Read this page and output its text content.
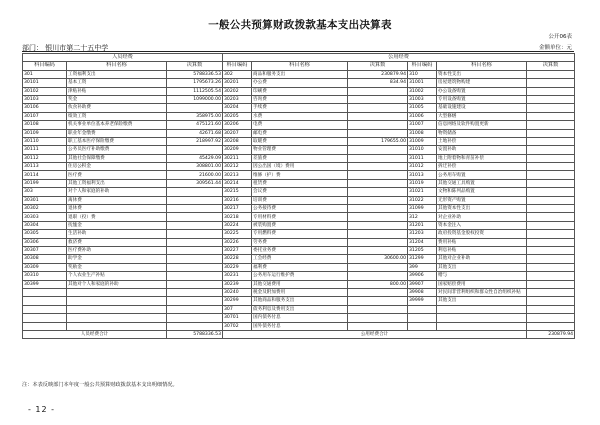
一般公共预算财政拨款基本支出决算表
公开06表
部门： 银川市第二十五中学	金额单位：元
人员经费			公用经费					
科目编码	科目名称	决算数	科目编码	科目名称	决算数	科目编码	科目名称	决算数
301	工资福利支出	5788336.53	302	商品和服务支出	230879.94	310	资本性支出	
30101	基本工资	1795673.26	30201	办公费	834.94	31001	房屋建筑物购建	
30102	津贴补贴	1112505.54	30202	印刷费		31002	办公设备购置	
30103	奖金	1099000.00	30203	咨询费		31003	专用设备购置	
30106	伙食补助费		30204	手续费		31005	基础设施建设	
30107	绩效工资	358975.00	30205	水费		31006	大型修缮	
30108	机关事业单位基本养老保险缴费	475121.60	30206	电费		31007	信息网络及软件购置更新	
30109	职业年金缴费	42671.68	30207	邮电费		31008	物资储备	
30110	职工基本医疗保险缴费	218997.92	30208	取暖费	179655.00	31009	土地补偿	
30111	公务员医疗补助缴费		30209	物业管理费		31010	安置补助	
30112	其他社会保障缴费	45429.09	30211	差旅费		31011	地上附着物和青苗补偿	
30113	住房公积金	308801.00	30212	因公出国（境）费用		31012	拆迁补偿	
30114	医疗费	21600.00	30213	维修（护）费		31013	公务用车购置	
30199	其他工资福利支出	309561.44	30214	租赁费		31019	其他交通工具购置	
303	对个人和家庭的补助		30215	会议费		31021	文物和陈列品购置	
30301	离休费		30216	培训费		31022	无形资产购置	
30302	退休费		30217	公务接待费		31099	其他资本性支出	
30303	退职（役）费		30218	专用材料费		312	对企业补助	
30304	抚恤金		30224	被装购置费		31201	资本金注入	
30305	生活补助		30225	专用燃料费		31203	政府投资基金股权投资	
30306	救济费		30226	劳务费		31204	费用补贴	
30307	医疗费补助		30227	委托业务费		31205	利息补贴	
30308	助学金		30228	工会经费	30600.00	31299	其他对企业补助	
30309	奖励金		30229	福利费		399	其他支出	
30310	个人农业生产补贴		30231	公务用车运行维护费		39906	赠与	
30399	其他对个人和家庭的补助		30239	其他交通费用	800.00	39907	国家赔偿费用	
			30240	税金及附加费用		39908	对民间非营利组织和群众性自治组织补贴	
			30299	其他商品和服务支出		39999	其他支出	
			307	债务利息及费用支出				
			30701	国内债务付息				
			30702	国外债务付息				
人员经费合计		5788336.53	公用经费合计					230879.94
注：本表反映部门本年度一般公共预算财政拨款基本支出明细情况。
- 12 -
